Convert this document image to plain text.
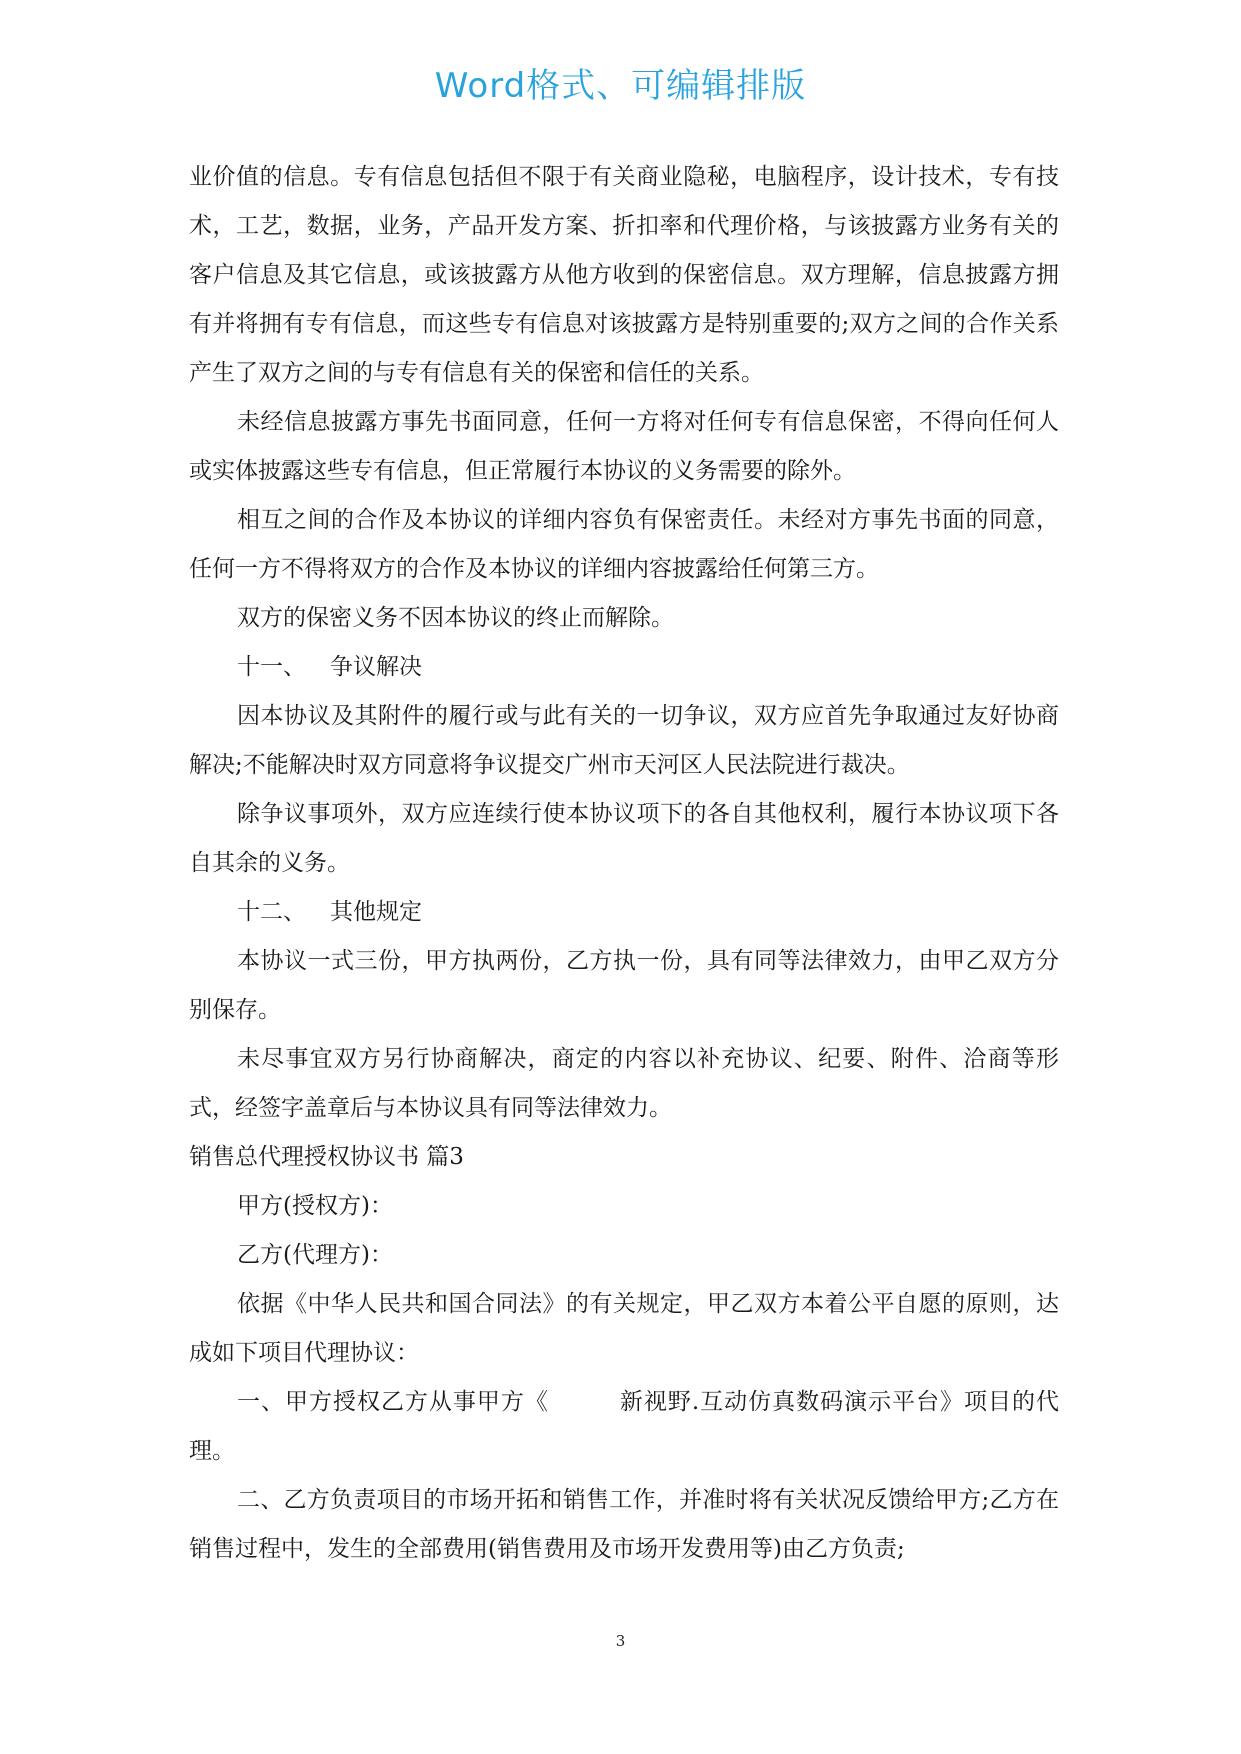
Word格式、可编辑排版

业价值的信息。专有信息包括但不限于有关商业隐秘，电脑程序，设计技术，专有技术，工艺，数据，业务，产品开发方案、折扣率和代理价格，与该披露方业务有关的客户信息及其它信息，或该披露方从他方收到的保密信息。双方理解，信息披露方拥有并将拥有专有信息，而这些专有信息对该披露方是特别重要的;双方之间的合作关系产生了双方之间的与专有信息有关的保密和信任的关系。

未经信息披露方事先书面同意，任何一方将对任何专有信息保密，不得向任何人或实体披露这些专有信息，但正常履行本协议的义务需要的除外。

相互之间的合作及本协议的详细内容负有保密责任。未经对方事先书面的同意，任何一方不得将双方的合作及本协议的详细内容披露给任何第三方。

双方的保密义务不因本协议的终止而解除。

十一、 争议解决

因本协议及其附件的履行或与此有关的一切争议，双方应首先争取通过友好协商解决;不能解决时双方同意将争议提交广州市天河区人民法院进行裁决。

除争议事项外，双方应连续行使本协议项下的各自其他权利，履行本协议项下各自其余的义务。

十二、 其他规定

本协议一式三份，甲方执两份，乙方执一份，具有同等法律效力，由甲乙双方分别保存。

未尽事宜双方另行协商解决，商定的内容以补充协议、纪要、附件、洽商等形式，经签字盖章后与本协议具有同等法律效力。

销售总代理授权协议书 篇3

甲方(授权方)：

乙方(代理方)：

依据《中华人民共和国合同法》的有关规定，甲乙双方本着公平自愿的原则，达成如下项目代理协议：

一、甲方授权乙方从事甲方《	新视野.互动仿真数码演示平台》项目的代理。

二、乙方负责项目的市场开拓和销售工作，并准时将有关状况反馈给甲方;乙方在销售过程中，发生的全部费用(销售费用及市场开发费用等)由乙方负责;

3
